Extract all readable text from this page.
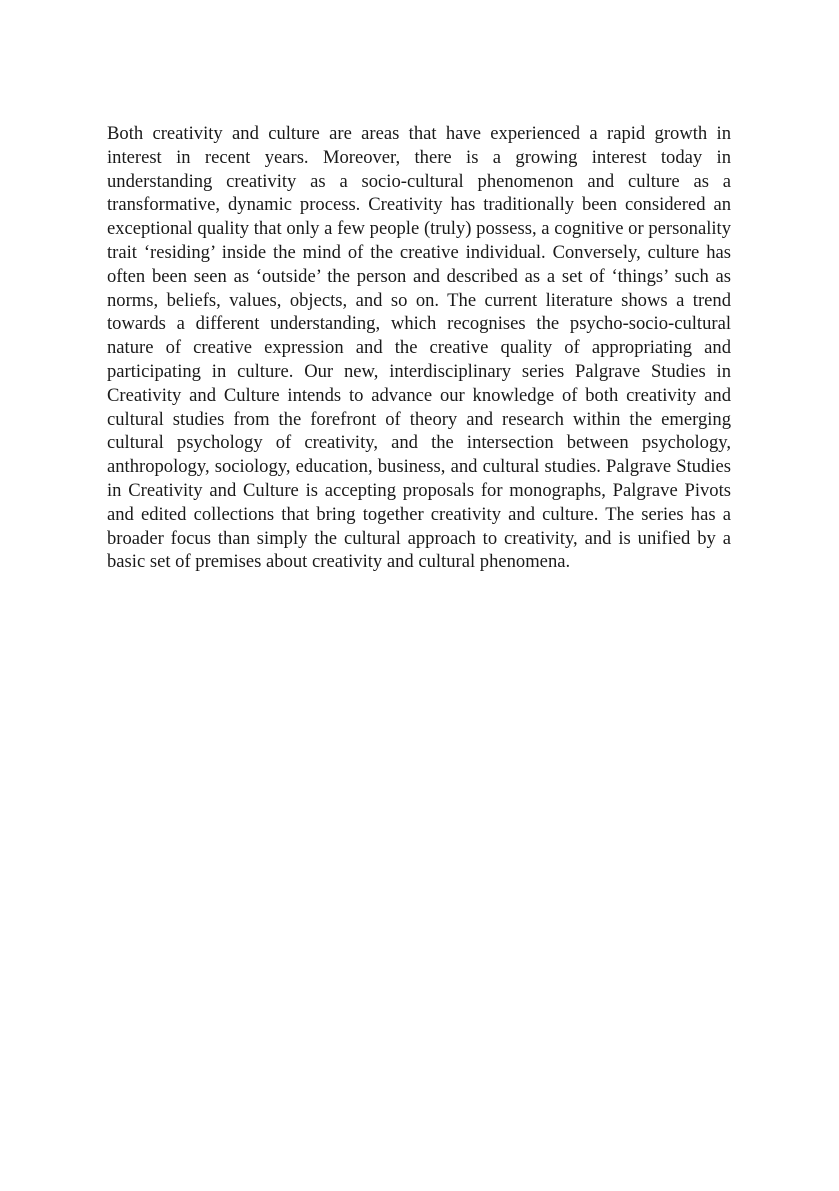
Both creativity and culture are areas that have experienced a rapid growth in interest in recent years. Moreover, there is a growing interest today in understanding creativity as a socio-cultural phenomenon and culture as a transformative, dynamic process. Creativity has traditionally been considered an exceptional quality that only a few people (truly) possess, a cognitive or personality trait ‘residing’ inside the mind of the creative individual. Conversely, culture has often been seen as ‘outside’ the person and described as a set of ‘things’ such as norms, beliefs, values, objects, and so on. The current literature shows a trend towards a different understanding, which recognises the psycho-socio-cultural nature of creative expression and the creative quality of appropriating and participating in culture. Our new, interdisciplinary series Palgrave Studies in Creativity and Culture intends to advance our knowledge of both creativity and cultural studies from the forefront of theory and research within the emerging cultural psychology of creativity, and the intersection between psychology, anthropology, sociology, education, business, and cultural studies. Palgrave Studies in Creativity and Culture is accepting proposals for monographs, Palgrave Pivots and edited collections that bring together creativity and culture. The series has a broader focus than simply the cultural approach to creativity, and is unified by a basic set of premises about creativity and cultural phenomena.
